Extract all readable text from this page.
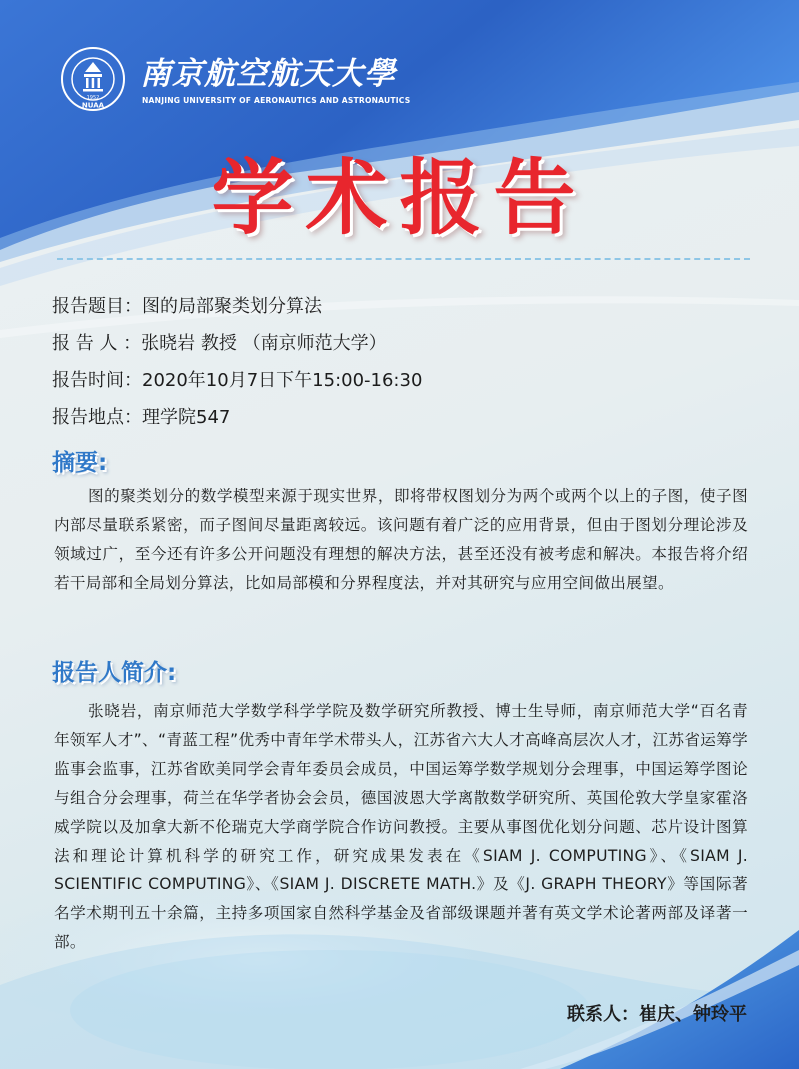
1952
NUAA
南京航空航天大學
NANJING UNIVERSITY OF AERONAUTICS AND ASTRONAUTICS
学术报告
报告题目：图的局部聚类划分算法
报 告 人 ：张晓岩 教授 （南京师范大学）
报告时间：2020年10月7日下午15:00-16:30
报告地点：理学院547
摘要:
图的聚类划分的数学模型来源于现实世界，即将带权图划分为两个或两个以上的子图，使子图内部尽量联系紧密，而子图间尽量距离较远。该问题有着广泛的应用背景，但由于图划分理论涉及领域过广，至今还有许多公开问题没有理想的解决方法，甚至还没有被考虑和解决。本报告将介绍若干局部和全局划分算法，比如局部模和分界程度法，并对其研究与应用空间做出展望。
报告人简介:
张晓岩，南京师范大学数学科学学院及数学研究所教授、博士生导师，南京师范大学“百名青年领军人才”、“青蓝工程”优秀中青年学术带头人，江苏省六大人才高峰高层次人才，江苏省运筹学监事会监事，江苏省欧美同学会青年委员会成员，中国运筹学数学规划分会理事，中国运筹学图论与组合分会理事，荷兰在华学者协会会员，德国波恩大学离散数学研究所、英国伦敦大学皇家霍洛威学院以及加拿大新不伦瑞克大学商学院合作访问教授。主要从事图优化划分问题、芯片设计图算法和理论计算机科学的研究工作，研究成果发表在《SIAM J. COMPUTING》、《SIAM J. SCIENTIFIC COMPUTING》、《SIAM J. DISCRETE MATH.》及《J. GRAPH THEORY》等国际著名学术期刊五十余篇，主持多项国家自然科学基金及省部级课题并著有英文学术论著两部及译著一部。
联系人：崔庆、钟玲平
